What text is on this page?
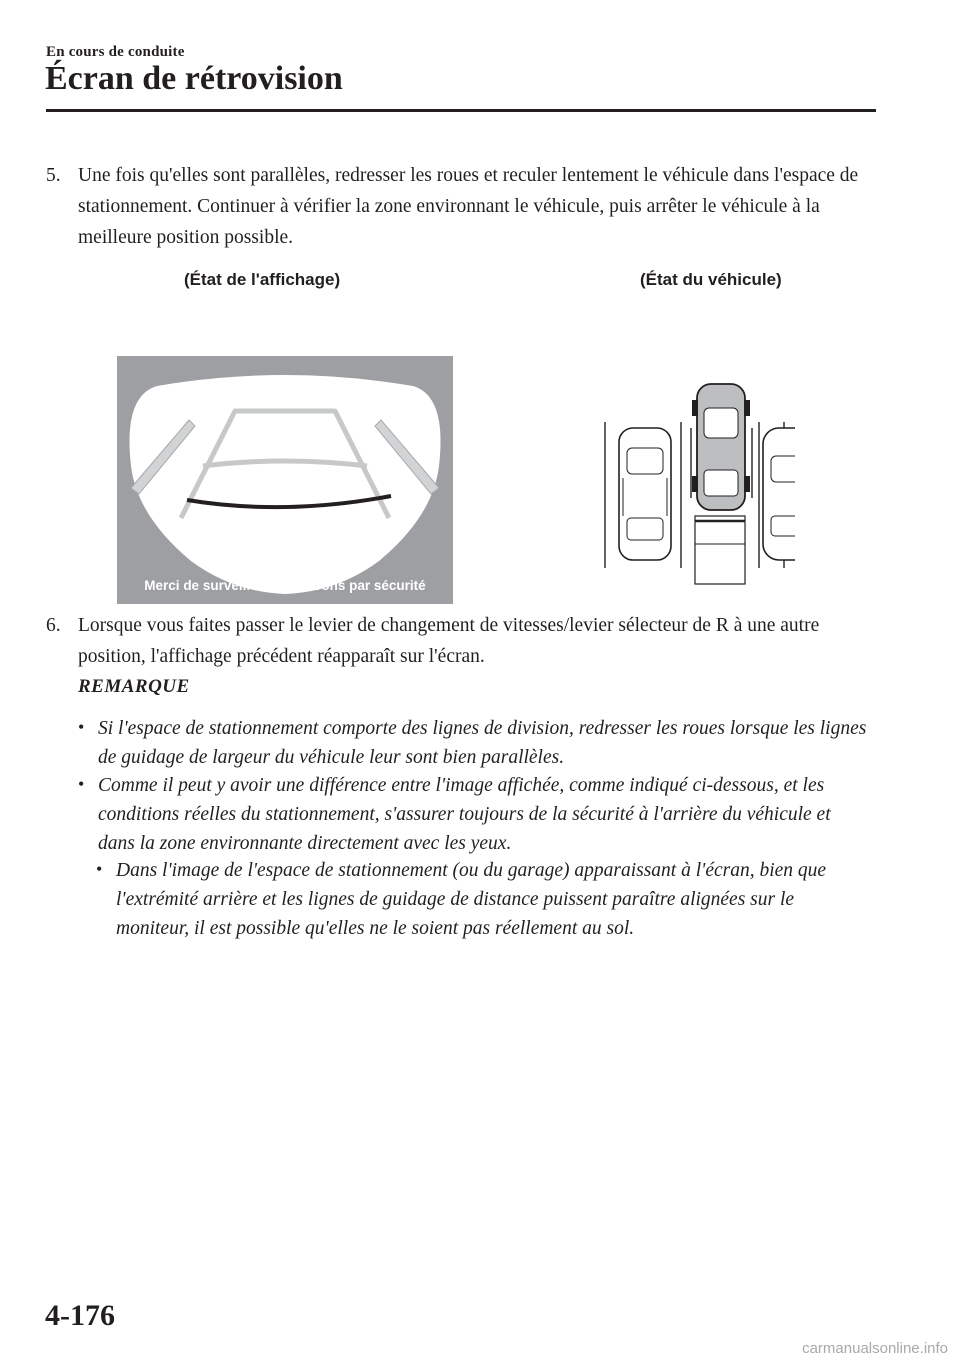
En cours de conduite
Écran de rétrovision
5. Une fois qu'elles sont parallèles, redresser les roues et reculer lentement le véhicule dans l'espace de stationnement. Continuer à vérifier la zone environnant le véhicule, puis arrêter le véhicule à la meilleure position possible.
(État de l'affichage)	(État du véhicule)
Merci de surveiller les environs par sécurité
6. Lorsque vous faites passer le levier de changement de vitesses/levier sélecteur de R à une autre position, l'affichage précédent réapparaît sur l'écran.
REMARQUE
• Si l'espace de stationnement comporte des lignes de division, redresser les roues lorsque les lignes de guidage de largeur du véhicule leur sont bien parallèles.
• Comme il peut y avoir une différence entre l'image affichée, comme indiqué ci-dessous, et les conditions réelles du stationnement, s'assurer toujours de la sécurité à l'arrière du véhicule et dans la zone environnante directement avec les yeux.
• Dans l'image de l'espace de stationnement (ou du garage) apparaissant à l'écran, bien que l'extrémité arrière et les lignes de guidage de distance puissent paraître alignées sur le moniteur, il est possible qu'elles ne le soient pas réellement au sol.
4-176
carmanualsonline.info
